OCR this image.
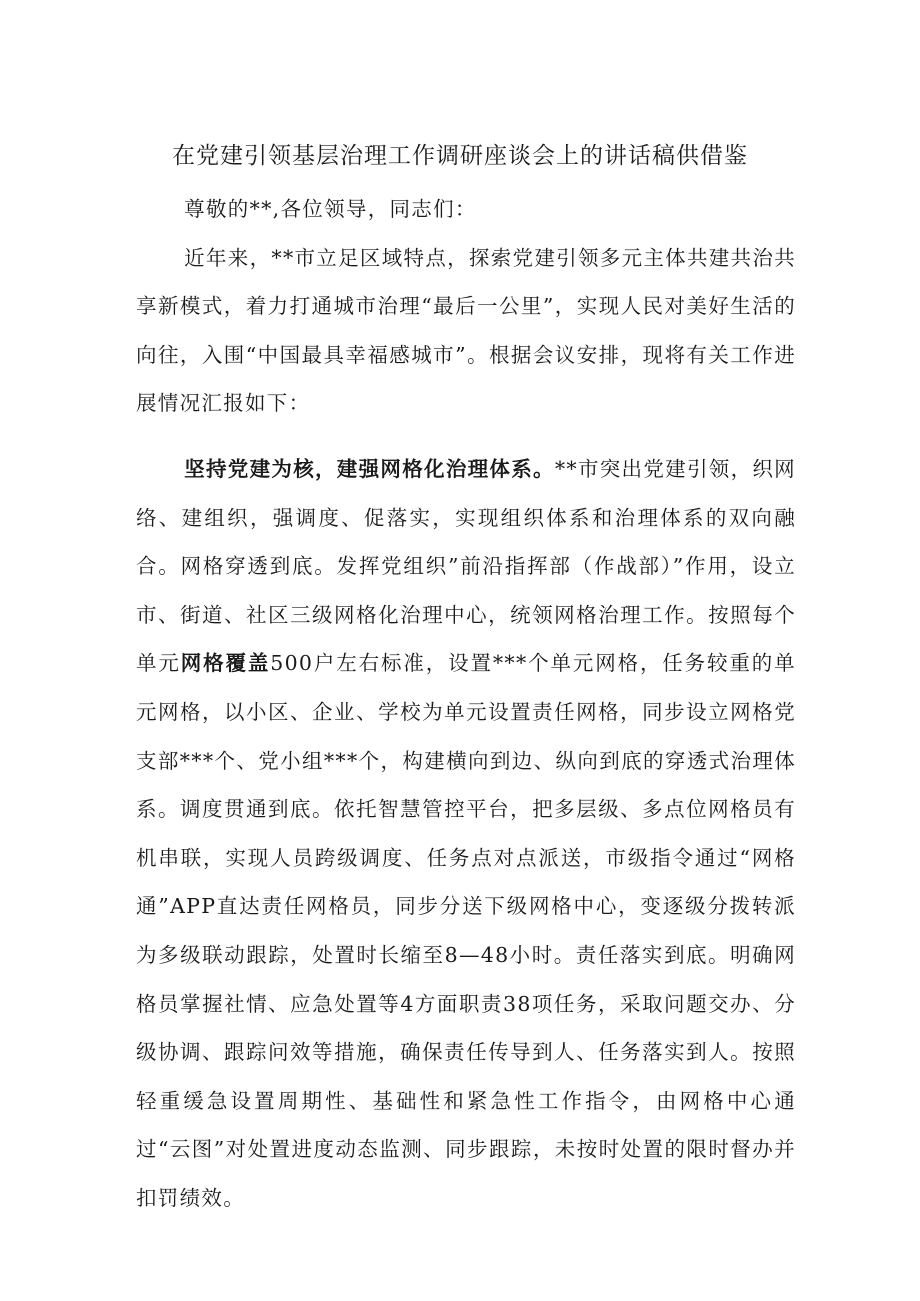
在党建引领基层治理工作调研座谈会上的讲话稿供借鉴

尊敬的**,各位领导，同志们：

近年来，**市立足区域特点，探索党建引领多元主体共建共治共享新模式，着力打通城市治理“最后一公里”，实现人民对美好生活的向往，入围“中国最具幸福感城市”。根据会议安排，现将有关工作进展情况汇报如下：

坚持党建为核，建强网格化治理体系。**市突出党建引领，织网络、建组织，强调度、促落实，实现组织体系和治理体系的双向融合。网格穿透到底。发挥党组织”前沿指挥部（作战部）”作用，设立市、街道、社区三级网格化治理中心，统领网格治理工作。按照每个单元网格覆盖500户左右标准，设置***个单元网格，任务较重的单元网格，以小区、企业、学校为单元设置责任网格，同步设立网格党支部***个、党小组***个，构建横向到边、纵向到底的穿透式治理体系。调度贯通到底。依托智慧管控平台，把多层级、多点位网格员有机串联，实现人员跨级调度、任务点对点派送，市级指令通过“网格通”APP直达责任网格员，同步分送下级网格中心，变逐级分拨转派为多级联动跟踪，处置时长缩至8—48小时。责任落实到底。明确网格员掌握社情、应急处置等4方面职责38项任务，采取问题交办、分级协调、跟踪问效等措施，确保责任传导到人、任务落实到人。按照轻重缓急设置周期性、基础性和紧急性工作指令，由网格中心通过“云图”对处置进度动态监测、同步跟踪，未按时处置的限时督办并扣罚绩效。
